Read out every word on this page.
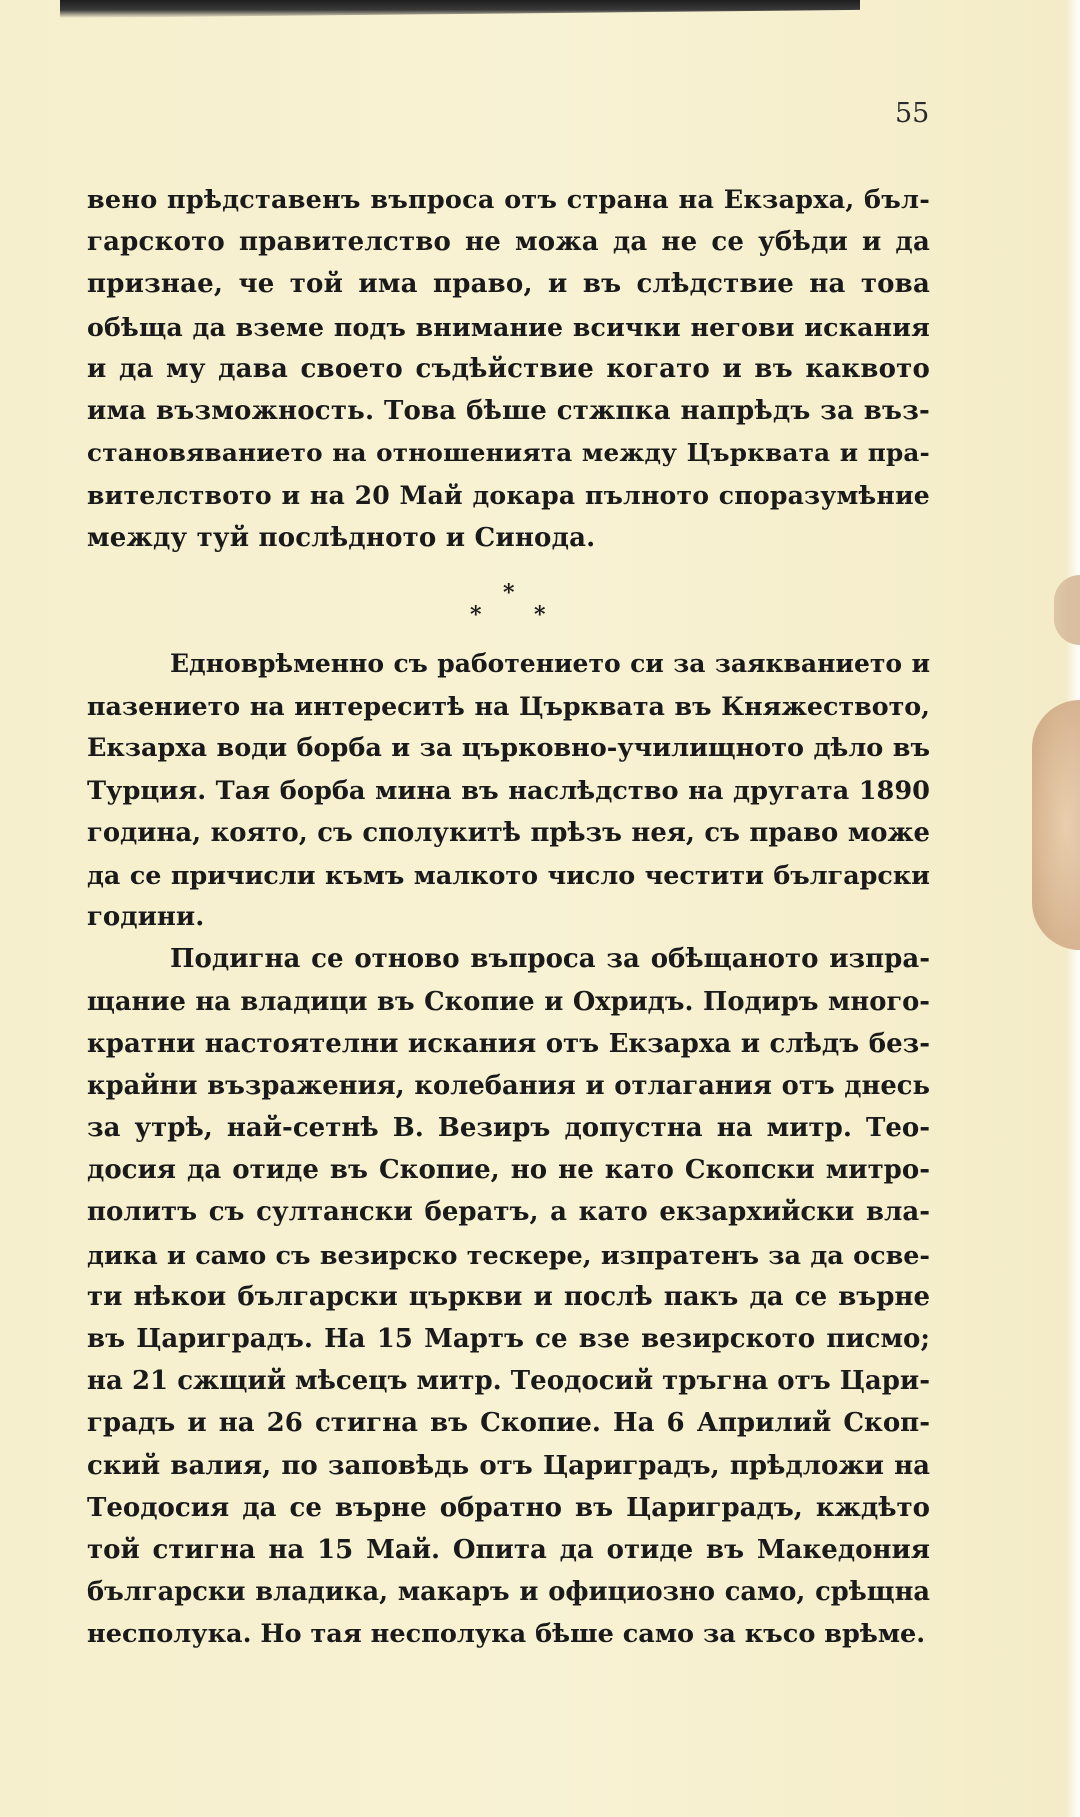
55
вено прѣдставенъ въпроса отъ страна на Екзарха, бъл-
гарското правителство не можа да не се убѣди и да
признае, че той има право, и въ слѣдствие на това
обѣща да вземе подъ внимание всички негови искания
и да му дава своето съдѣйствие когато и въ каквото
има възможность. Това бѣше стжпка напрѣдъ за въз-
становяванието на отношенията между Църквата и пра-
вителството и на 20 Май докара пълното споразумѣние
между туй послѣдното и Синода.
*
* *
Едноврѣменно съ работението си за заякванието и
пазението на интереситѣ на Църквата въ Княжеството,
Екзарха води борба и за църковно-училищното дѣло въ
Турция. Тая борба мина въ наслѣдство на другата 1890
година, която, съ сполукитѣ прѣзъ нея, съ право може
да се причисли къмъ малкото число честити български
години.
Подигна се отново въпроса за обѣщаното изпра-
щание на владици въ Скопие и Охридъ. Подиръ много-
кратни настоятелни искания отъ Екзарха и слѣдъ без-
крайни възражения, колебания и отлагания отъ днесь
за утрѣ, най-сетнѣ В. Везиръ допустна на митр. Тео-
досия да отиде въ Скопие, но не като Скопски митро-
политъ съ султански бератъ, а като екзархийски вла-
дика и само съ везирско тескере, изпратенъ за да осве-
ти нѣкои български църкви и послѣ пакъ да се върне
въ Цариградъ. На 15 Мартъ се взе везирското писмо;
на 21 сжщий мѣсецъ митр. Теодосий тръгна отъ Цари-
градъ и на 26 стигна въ Скопие. На 6 Априлий Скоп-
ский валия, по заповѣдь отъ Цариградъ, прѣдложи на
Теодосия да се върне обратно въ Цариградъ, кждѣто
той стигна на 15 Май. Опита да отиде въ Македония
български владика, макаръ и официозно само, срѣщна
несполука. Но тая несполука бѣше само за късо врѣме.
